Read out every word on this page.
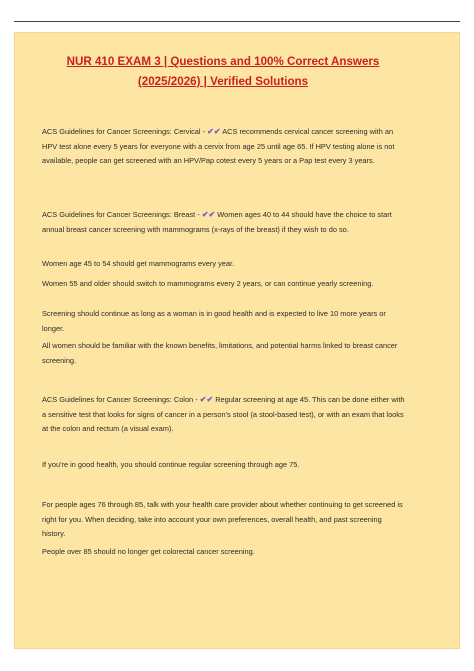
NUR 410 EXAM 3 | Questions and 100% Correct Answers
(2025/2026) | Verified Solutions

ACS Guidelines for Cancer Screenings: Cervical - ✔✔ ACS recommends cervical cancer screening with an HPV test alone every 5 years for everyone with a cervix from age 25 until age 65. If HPV testing alone is not available, people can get screened with an HPV/Pap cotest every 5 years or a Pap test every 3 years.

ACS Guidelines for Cancer Screenings: Breast - ✔✔ Women ages 40 to 44 should have the choice to start annual breast cancer screening with mammograms (x-rays of the breast) if they wish to do so.

Women age 45 to 54 should get mammograms every year.

Women 55 and older should switch to mammograms every 2 years, or can continue yearly screening.

Screening should continue as long as a woman is in good health and is expected to live 10 more years or longer.

All women should be familiar with the known benefits, limitations, and potential harms linked to breast cancer screening.

ACS Guidelines for Cancer Screenings: Colon - ✔✔ Regular screening at age 45. This can be done either with a sensitive test that looks for signs of cancer in a person's stool (a stool-based test), or with an exam that looks at the colon and rectum (a visual exam).

If you're in good health, you should continue regular screening through age 75.

For people ages 76 through 85, talk with your health care provider about whether continuing to get screened is right for you. When deciding, take into account your own preferences, overall health, and past screening history.

People over 85 should no longer get colorectal cancer screening.
